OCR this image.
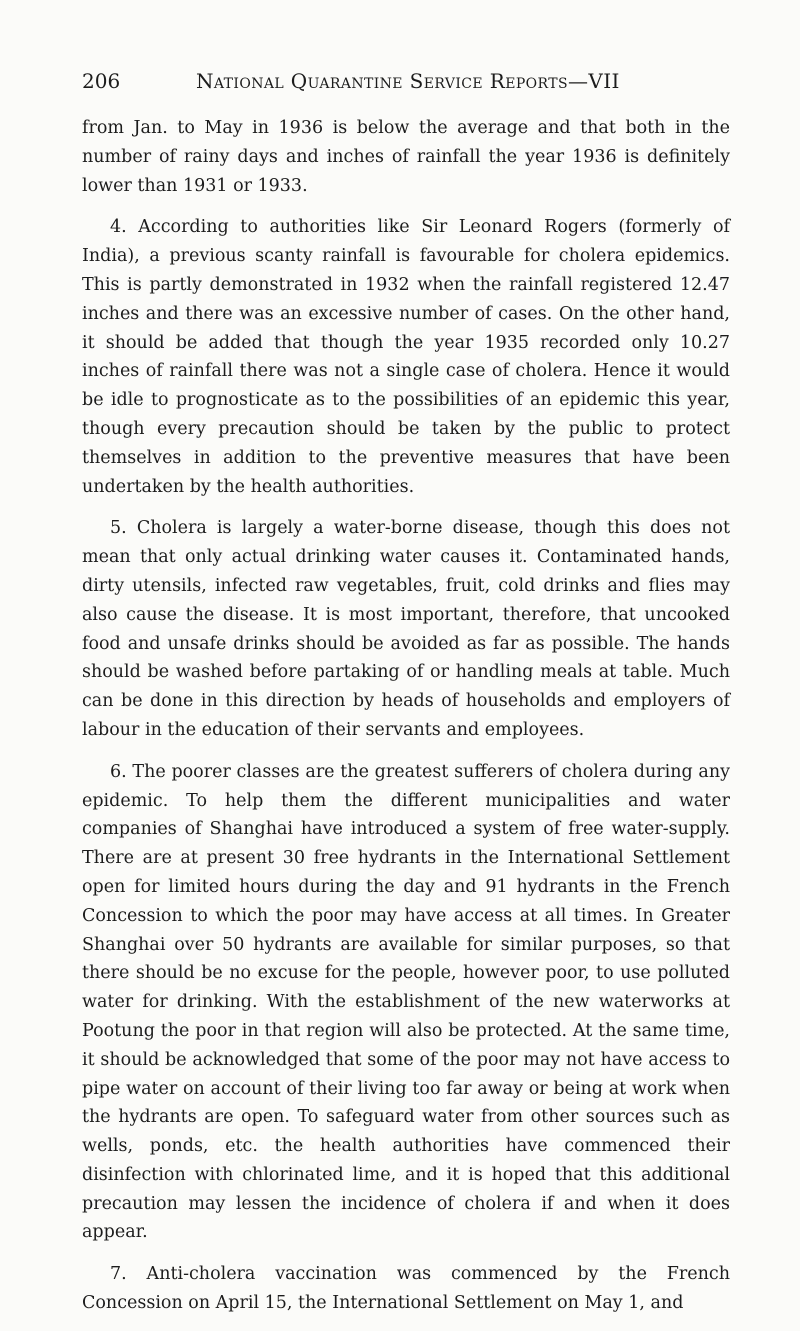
206	National Quarantine Service Reports—VII

from Jan. to May in 1936 is below the average and that both in the number of rainy days and inches of rainfall the year 1936 is definitely lower than 1931 or 1933.

4. According to authorities like Sir Leonard Rogers (formerly of India), a previous scanty rainfall is favourable for cholera epidemics. This is partly demonstrated in 1932 when the rainfall registered 12.47 inches and there was an excessive number of cases. On the other hand, it should be added that though the year 1935 recorded only 10.27 inches of rainfall there was not a single case of cholera. Hence it would be idle to prognosticate as to the possibilities of an epidemic this year, though every precaution should be taken by the public to protect themselves in addition to the preventive measures that have been undertaken by the health authorities.

5. Cholera is largely a water-borne disease, though this does not mean that only actual drinking water causes it. Contaminated hands, dirty utensils, infected raw vegetables, fruit, cold drinks and flies may also cause the disease. It is most important, therefore, that uncooked food and unsafe drinks should be avoided as far as possible. The hands should be washed before partaking of or handling meals at table. Much can be done in this direction by heads of households and employers of labour in the education of their servants and employees.

6. The poorer classes are the greatest sufferers of cholera during any epidemic. To help them the different municipalities and water companies of Shanghai have introduced a system of free water-supply. There are at present 30 free hydrants in the International Settlement open for limited hours during the day and 91 hydrants in the French Concession to which the poor may have access at all times. In Greater Shanghai over 50 hydrants are available for similar purposes, so that there should be no excuse for the people, however poor, to use polluted water for drinking. With the establishment of the new waterworks at Pootung the poor in that region will also be protected. At the same time, it should be acknowledged that some of the poor may not have access to pipe water on account of their living too far away or being at work when the hydrants are open. To safeguard water from other sources such as wells, ponds, etc. the health authorities have commenced their disinfection with chlorinated lime, and it is hoped that this additional precaution may lessen the incidence of cholera if and when it does appear.

7. Anti-cholera vaccination was commenced by the French Concession on April 15, the International Settlement on May 1, and
